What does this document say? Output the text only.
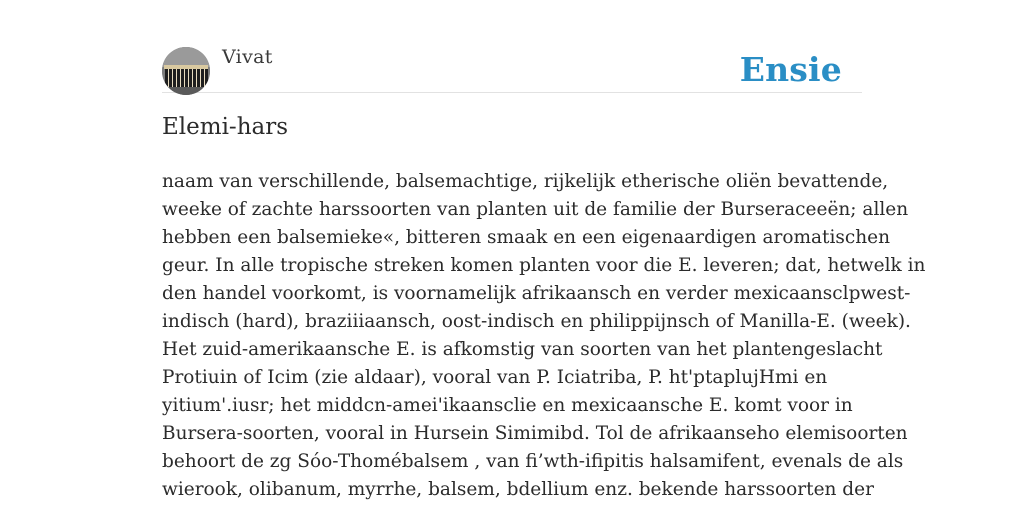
Vivat	Ensie
Elemi-hars

naam van verschillende, balsemachtige, rijkelijk etherische oliën bevattende,
weeke of zachte harssoorten van planten uit de familie der Burseraceeën; allen
hebben een balsemieke«, bitteren smaak en een eigenaardigen aromatischen
geur. In alle tropische streken komen planten voor die E. leveren; dat, hetwelk in
den handel voorkomt, is voornamelijk afrikaansch en verder mexicaansclpwest-
indisch (hard), braziiiaansch, oost-indisch en philippijnsch of Manilla-E. (week).
Het zuid-amerikaansche E. is afkomstig van soorten van het plantengeslacht
Protiuin of Icim (zie aldaar), vooral van P. Iciatriba, P. ht'ptaplujHmi en
yitium'.iusr; het middcn-amei'ikaansclie en mexicaansche E. komt voor in
Bursera-soorten, vooral in Hursein Simimibd. Tol de afrikaanseho elemisoorten
behoort de zg Sóo-Thomébalsem , van fi’wth-ifipitis halsamifent, evenals de als
wierook, olibanum, myrrhe, balsem, bdellium enz. bekende harssoorten der
